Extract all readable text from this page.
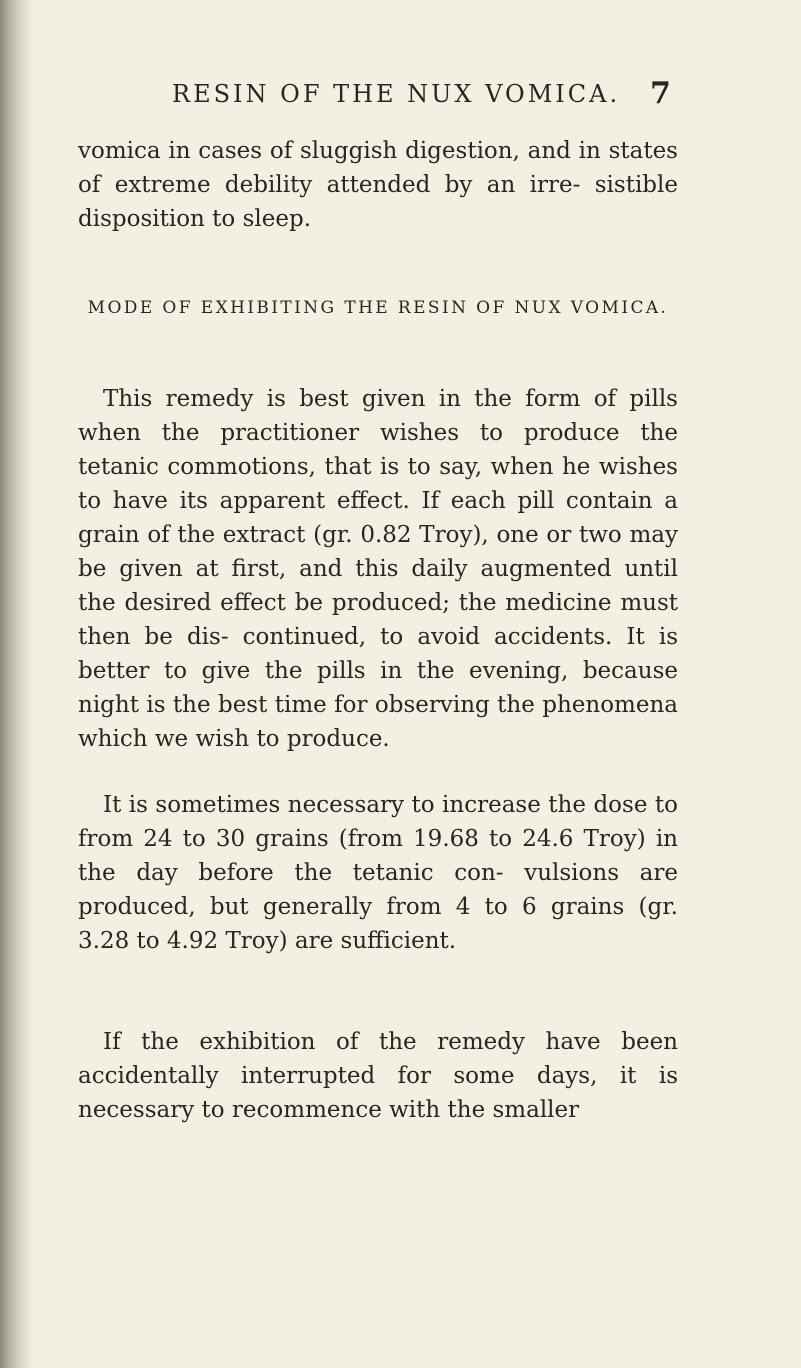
RESIN OF THE NUX VOMICA. 7

vomica in cases of sluggish digestion, and in states of extreme debility attended by an irre- sistible disposition to sleep.

MODE OF EXHIBITING THE RESIN OF NUX VOMICA.

This remedy is best given in the form of pills when the practitioner wishes to produce the tetanic commotions, that is to say, when he wishes to have its apparent effect. If each pill contain a grain of the extract (gr. 0.82 Troy), one or two may be given at first, and this daily augmented until the desired effect be produced; the medicine must then be dis- continued, to avoid accidents. It is better to give the pills in the evening, because night is the best time for observing the phenomena which we wish to produce.

It is sometimes necessary to increase the dose to from 24 to 30 grains (from 19.68 to 24.6 Troy) in the day before the tetanic con- vulsions are produced, but generally from 4 to 6 grains (gr. 3.28 to 4.92 Troy) are sufficient.

If the exhibition of the remedy have been accidentally interrupted for some days, it is necessary to recommence with the smaller
